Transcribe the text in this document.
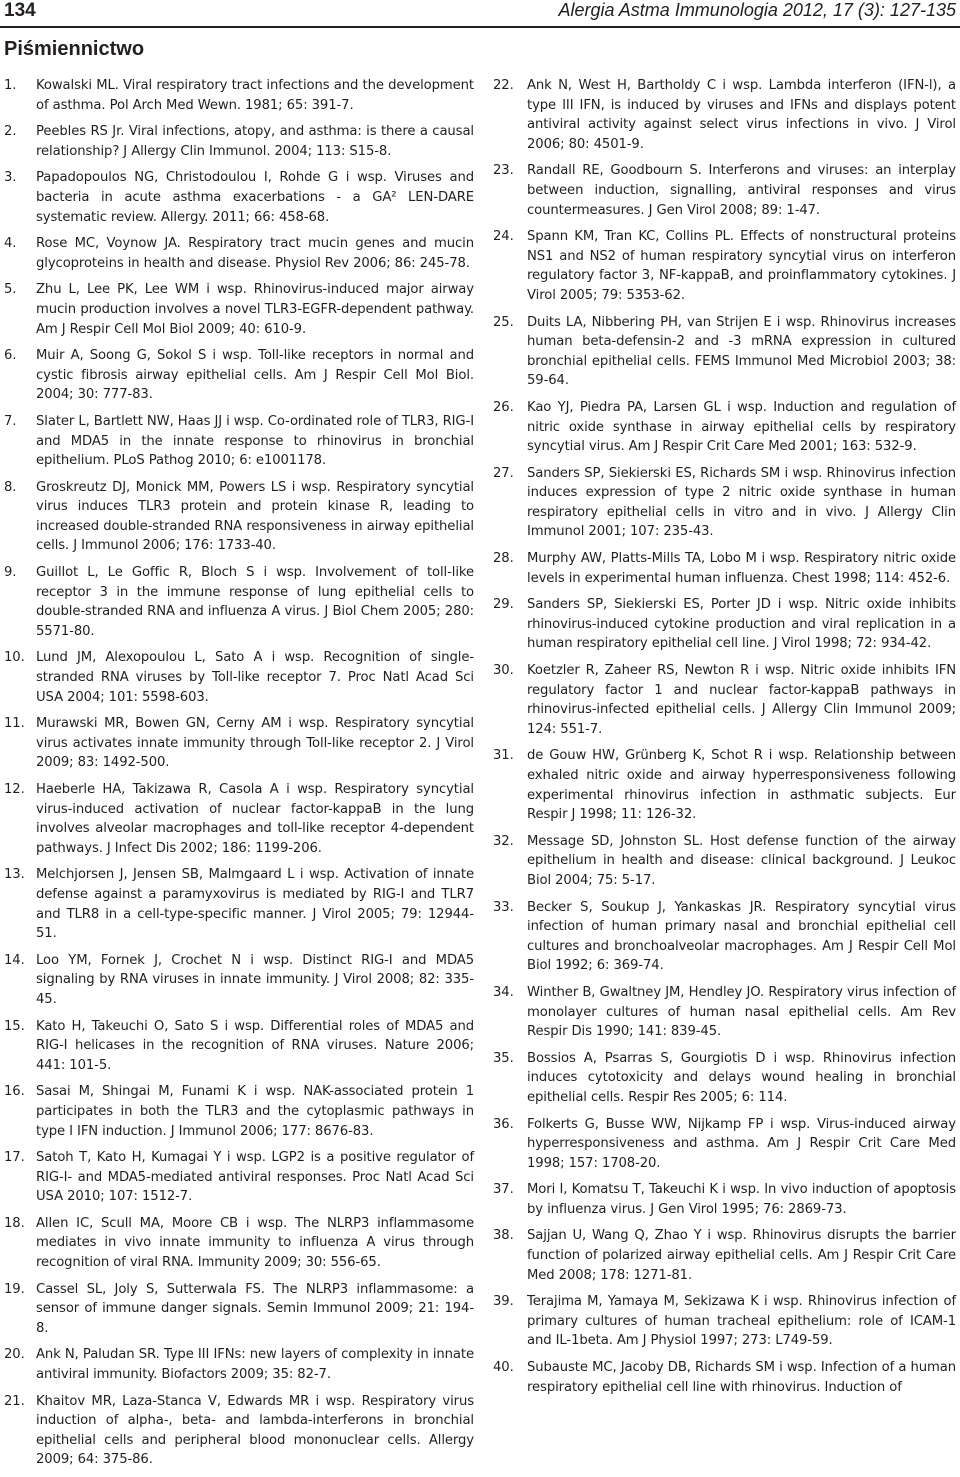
134	Alergia Astma Immunologia 2012, 17 (3): 127-135
Piśmiennictwo
1.	Kowalski ML. Viral respiratory tract infections and the development of asthma. Pol Arch Med Wewn. 1981; 65: 391-7.
2.	Peebles RS Jr. Viral infections, atopy, and asthma: is there a causal relationship? J Allergy Clin Immunol. 2004; 113: S15-8.
3.	Papadopoulos NG, Christodoulou I, Rohde G i wsp. Viruses and bacteria in acute asthma exacerbations - a GA² LEN-DARE systematic review. Allergy. 2011; 66: 458-68.
4.	Rose MC, Voynow JA. Respiratory tract mucin genes and mucin glycoproteins in health and disease. Physiol Rev 2006; 86: 245-78.
5.	Zhu L, Lee PK, Lee WM i wsp. Rhinovirus-induced major airway mucin production involves a novel TLR3-EGFR-dependent pathway. Am J Respir Cell Mol Biol 2009; 40: 610-9.
6.	Muir A, Soong G, Sokol S i wsp. Toll-like receptors in normal and cystic fibrosis airway epithelial cells. Am J Respir Cell Mol Biol. 2004; 30: 777-83.
7.	Slater L, Bartlett NW, Haas JJ i wsp. Co-ordinated role of TLR3, RIG-I and MDA5 in the innate response to rhinovirus in bronchial epithelium. PLoS Pathog 2010; 6: e1001178.
8.	Groskreutz DJ, Monick MM, Powers LS i wsp. Respiratory syncytial virus induces TLR3 protein and protein kinase R, leading to increased double-stranded RNA responsiveness in airway epithelial cells. J Immunol 2006; 176: 1733-40.
9.	Guillot L, Le Goffic R, Bloch S i wsp. Involvement of toll-like receptor 3 in the immune response of lung epithelial cells to double-stranded RNA and influenza A virus. J Biol Chem 2005; 280: 5571-80.
10. Lund JM, Alexopoulou L, Sato A i wsp. Recognition of single-stranded RNA viruses by Toll-like receptor 7. Proc Natl Acad Sci USA 2004; 101: 5598-603.
11. Murawski MR, Bowen GN, Cerny AM i wsp. Respiratory syncytial virus activates innate immunity through Toll-like receptor 2. J Virol 2009; 83: 1492-500.
12. Haeberle HA, Takizawa R, Casola A i wsp. Respiratory syncytial virus-induced activation of nuclear factor-kappaB in the lung involves alveolar macrophages and toll-like receptor 4-dependent pathways. J Infect Dis 2002; 186: 1199-206.
13. Melchjorsen J, Jensen SB, Malmgaard L i wsp. Activation of innate defense against a paramyxovirus is mediated by RIG-I and TLR7 and TLR8 in a cell-type-specific manner. J Virol 2005; 79: 12944-51.
14. Loo YM, Fornek J, Crochet N i wsp. Distinct RIG-I and MDA5 signaling by RNA viruses in innate immunity. J Virol 2008; 82: 335-45.
15. Kato H, Takeuchi O, Sato S i wsp. Differential roles of MDA5 and RIG-I helicases in the recognition of RNA viruses. Nature 2006; 441: 101-5.
16. Sasai M, Shingai M, Funami K i wsp. NAK-associated protein 1 participates in both the TLR3 and the cytoplasmic pathways in type I IFN induction. J Immunol 2006; 177: 8676-83.
17. Satoh T, Kato H, Kumagai Y i wsp. LGP2 is a positive regulator of RIG-I- and MDA5-mediated antiviral responses. Proc Natl Acad Sci USA 2010; 107: 1512-7.
18. Allen IC, Scull MA, Moore CB i wsp. The NLRP3 inflammasome mediates in vivo innate immunity to influenza A virus through recognition of viral RNA. Immunity 2009; 30: 556-65.
19. Cassel SL, Joly S, Sutterwala FS. The NLRP3 inflammasome: a sensor of immune danger signals. Semin Immunol 2009; 21: 194-8.
20. Ank N, Paludan SR. Type III IFNs: new layers of complexity in innate antiviral immunity. Biofactors 2009; 35: 82-7.
21. Khaitov MR, Laza-Stanca V, Edwards MR i wsp. Respiratory virus induction of alpha-, beta- and lambda-interferons in bronchial epithelial cells and peripheral blood mononuclear cells. Allergy 2009; 64: 375-86.
22.	Ank N, West H, Bartholdy C i wsp. Lambda interferon (IFN-l), a type III IFN, is induced by viruses and IFNs and displays potent antiviral activity against select virus infections in vivo. J Virol 2006; 80: 4501-9.
23.	Randall RE, Goodbourn S. Interferons and viruses: an interplay between induction, signalling, antiviral responses and virus countermeasures. J Gen Virol 2008; 89: 1-47.
24.	Spann KM, Tran KC, Collins PL. Effects of nonstructural proteins NS1 and NS2 of human respiratory syncytial virus on interferon regulatory factor 3, NF-kappaB, and proinflammatory cytokines. J Virol 2005; 79: 5353-62.
25.	Duits LA, Nibbering PH, van Strijen E i wsp. Rhinovirus increases human beta-defensin-2 and -3 mRNA expression in cultured bronchial epithelial cells. FEMS Immunol Med Microbiol 2003; 38: 59-64.
26.	Kao YJ, Piedra PA, Larsen GL i wsp. Induction and regulation of nitric oxide synthase in airway epithelial cells by respiratory syncytial virus. Am J Respir Crit Care Med 2001; 163: 532-9.
27.	Sanders SP, Siekierski ES, Richards SM i wsp. Rhinovirus infection induces expression of type 2 nitric oxide synthase in human respiratory epithelial cells in vitro and in vivo. J Allergy Clin Immunol 2001; 107: 235-43.
28.	Murphy AW, Platts-Mills TA, Lobo M i wsp. Respiratory nitric oxide levels in experimental human influenza. Chest 1998; 114: 452-6.
29.	Sanders SP, Siekierski ES, Porter JD i wsp. Nitric oxide inhibits rhinovirus-induced cytokine production and viral replication in a human respiratory epithelial cell line. J Virol 1998; 72: 934-42.
30.	Koetzler R, Zaheer RS, Newton R i wsp. Nitric oxide inhibits IFN regulatory factor 1 and nuclear factor-kappaB pathways in rhinovirus-infected epithelial cells. J Allergy Clin Immunol 2009; 124: 551-7.
31.	de Gouw HW, Grünberg K, Schot R i wsp. Relationship between exhaled nitric oxide and airway hyperresponsiveness following experimental rhinovirus infection in asthmatic subjects. Eur Respir J 1998; 11: 126-32.
32.	Message SD, Johnston SL. Host defense function of the airway epithelium in health and disease: clinical background. J Leukoc Biol 2004; 75: 5-17.
33.	Becker S, Soukup J, Yankaskas JR. Respiratory syncytial virus infection of human primary nasal and bronchial epithelial cell cultures and bronchoalveolar macrophages. Am J Respir Cell Mol Biol 1992; 6: 369-74.
34.	Winther B, Gwaltney JM, Hendley JO. Respiratory virus infection of monolayer cultures of human nasal epithelial cells. Am Rev Respir Dis 1990; 141: 839-45.
35.	Bossios A, Psarras S, Gourgiotis D i wsp. Rhinovirus infection induces cytotoxicity and delays wound healing in bronchial epithelial cells. Respir Res 2005; 6: 114.
36.	Folkerts G, Busse WW, Nijkamp FP i wsp. Virus-induced airway hyperresponsiveness and asthma. Am J Respir Crit Care Med 1998; 157: 1708-20.
37.	Mori I, Komatsu T, Takeuchi K i wsp. In vivo induction of apoptosis by influenza virus. J Gen Virol 1995; 76: 2869-73.
38.	Sajjan U, Wang Q, Zhao Y i wsp. Rhinovirus disrupts the barrier function of polarized airway epithelial cells. Am J Respir Crit Care Med 2008; 178: 1271-81.
39.	Terajima M, Yamaya M, Sekizawa K i wsp. Rhinovirus infection of primary cultures of human tracheal epithelium: role of ICAM-1 and IL-1beta. Am J Physiol 1997; 273: L749-59.
40.	Subauste MC, Jacoby DB, Richards SM i wsp. Infection of a human respiratory epithelial cell line with rhinovirus. Induction of
